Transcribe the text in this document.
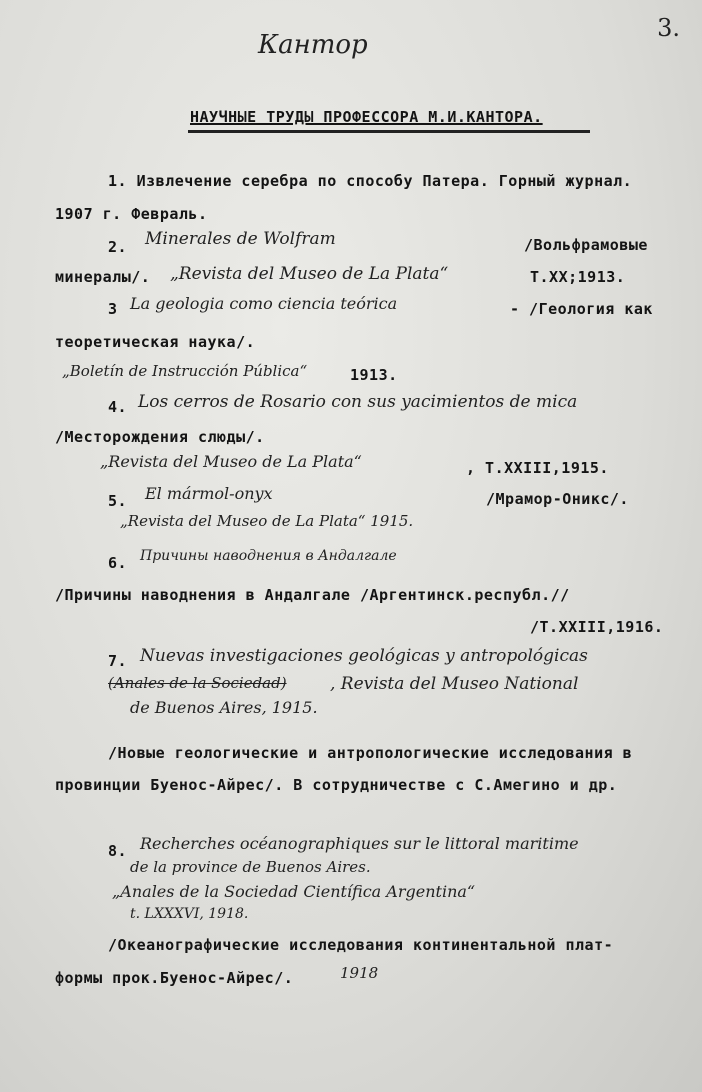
3.
Кантор
НАУЧНЫЕ ТРУДЫ ПРОФЕССОРА М.И.КАНТОРА.
1. Извлечение серебра по способу Патера. Горный журнал.
1907 г. Февраль.
2. Minerales de Wolfram	/Вольфрамовые
минералы/. „Revista del Museo de La Plata“	Т.XX;1913.
3 La geologia como ciencia teórica	- /Геология как
теоретическая наука/.
„Boletín de Instrucción Pública“	1913.
4. Los cerros de Rosario con sus yacimientos de mica
/Месторождения слюды/.
„Revista del Museo de La Plata“	, Т.XXIII,1915.
5. El mármol-onyx	/Мрамор-Оникс/.
„Revista del Museo de La Plata“ 1915.
6. Причины наводнения в Андалгале
/Причины наводнения в Андалгале /Аргентинск.республ.//
/Т.XXIII,1916.
7. Nuevas investigaciones geológicas y antropológicas
(Anales de la Sociedad)	, Revista del Museo National
de Buenos Aires, 1915.
/Новые геологические и антропологические исследования в
провинции Буенос-Айрес/. В сотрудничестве с С.Амегино и др.
8. Recherches océanographiques sur le littoral maritime
de la province de Buenos Aires.
„Anales de la Sociedad Científica Argentina“
t. LXXXVI, 1918.
/Океанографические исследования континентальной плат-
формы прок.Буенос-Айрес/.	1918
